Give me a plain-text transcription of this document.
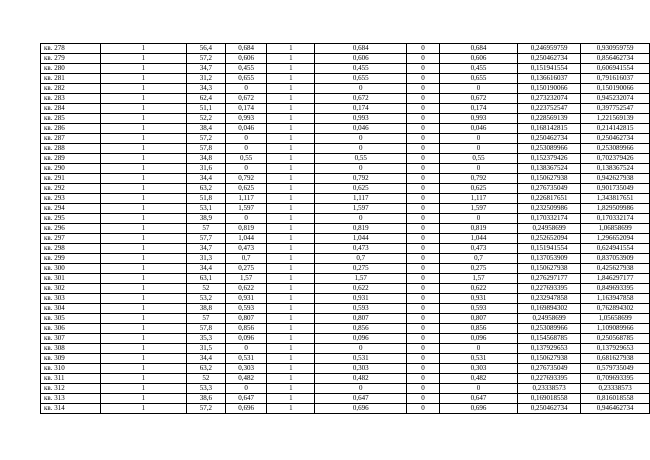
кв. 278	1	56,4	0,684	1	0,684	0	0,684	0,246959759	0,930959759
кв. 279	1	57,2	0,606	1	0,606	0	0,606	0,250462734	0,856462734
кв. 280	1	34,7	0,455	1	0,455	0	0,455	0,151941554	0,606941554
кв. 281	1	31,2	0,655	1	0,655	0	0,655	0,136616037	0,791616037
кв. 282	1	34,3	0	1	0	0	0	0,150190066	0,150190066
кв. 283	1	62,4	0,672	1	0,672	0	0,672	0,273232074	0,945232074
кв. 284	1	51,1	0,174	1	0,174	0	0,174	0,223752547	0,397752547
кв. 285	1	52,2	0,993	1	0,993	0	0,993	0,228569139	1,221569139
кв. 286	1	38,4	0,046	1	0,046	0	0,046	0,168142815	0,214142815
кв. 287	1	57,2	0	1	0	0	0	0,250462734	0,250462734
кв. 288	1	57,8	0	1	0	0	0	0,253089966	0,253089966
кв. 289	1	34,8	0,55	1	0,55	0	0,55	0,152379426	0,702379426
кв. 290	1	31,6	0	1	0	0	0	0,138367524	0,138367524
кв. 291	1	34,4	0,792	1	0,792	0	0,792	0,150627938	0,942627938
кв. 292	1	63,2	0,625	1	0,625	0	0,625	0,276735049	0,901735049
кв. 293	1	51,8	1,117	1	1,117	0	1,117	0,226817651	1,343817651
кв. 294	1	53,1	1,597	1	1,597	0	1,597	0,232509986	1,829509986
кв. 295	1	38,9	0	1	0	0	0	0,170332174	0,170332174
кв. 296	1	57	0,819	1	0,819	0	0,819	0,24958699	1,06858699
кв. 297	1	57,7	1,044	1	1,044	0	1,044	0,252652094	1,296652094
кв. 298	1	34,7	0,473	1	0,473	0	0,473	0,151941554	0,624941554
кв. 299	1	31,3	0,7	1	0,7	0	0,7	0,137053909	0,837053909
кв. 300	1	34,4	0,275	1	0,275	0	0,275	0,150627938	0,425627938
кв. 301	1	63,1	1,57	1	1,57	0	1,57	0,276297177	1,846297177
кв. 302	1	52	0,622	1	0,622	0	0,622	0,227693395	0,849693395
кв. 303	1	53,2	0,931	1	0,931	0	0,931	0,232947858	1,163947858
кв. 304	1	38,8	0,593	1	0,593	0	0,593	0,169894302	0,762894302
кв. 305	1	57	0,807	1	0,807	0	0,807	0,24958699	1,05658699
кв. 306	1	57,8	0,856	1	0,856	0	0,856	0,253089966	1,109089966
кв. 307	1	35,3	0,096	1	0,096	0	0,096	0,154568785	0,250568785
кв. 308	1	31,5	0	1	0	0	0	0,137929653	0,137929653
кв. 309	1	34,4	0,531	1	0,531	0	0,531	0,150627938	0,681627938
кв. 310	1	63,2	0,303	1	0,303	0	0,303	0,276735049	0,579735049
кв. 311	1	52	0,482	1	0,482	0	0,482	0,227693395	0,709693395
кв. 312	1	53,3	0	1	0	0	0	0,23338573	0,23338573
кв. 313	1	38,6	0,647	1	0,647	0	0,647	0,169018558	0,816018558
кв. 314	1	57,2	0,696	1	0,696	0	0,696	0,250462734	0,946462734
